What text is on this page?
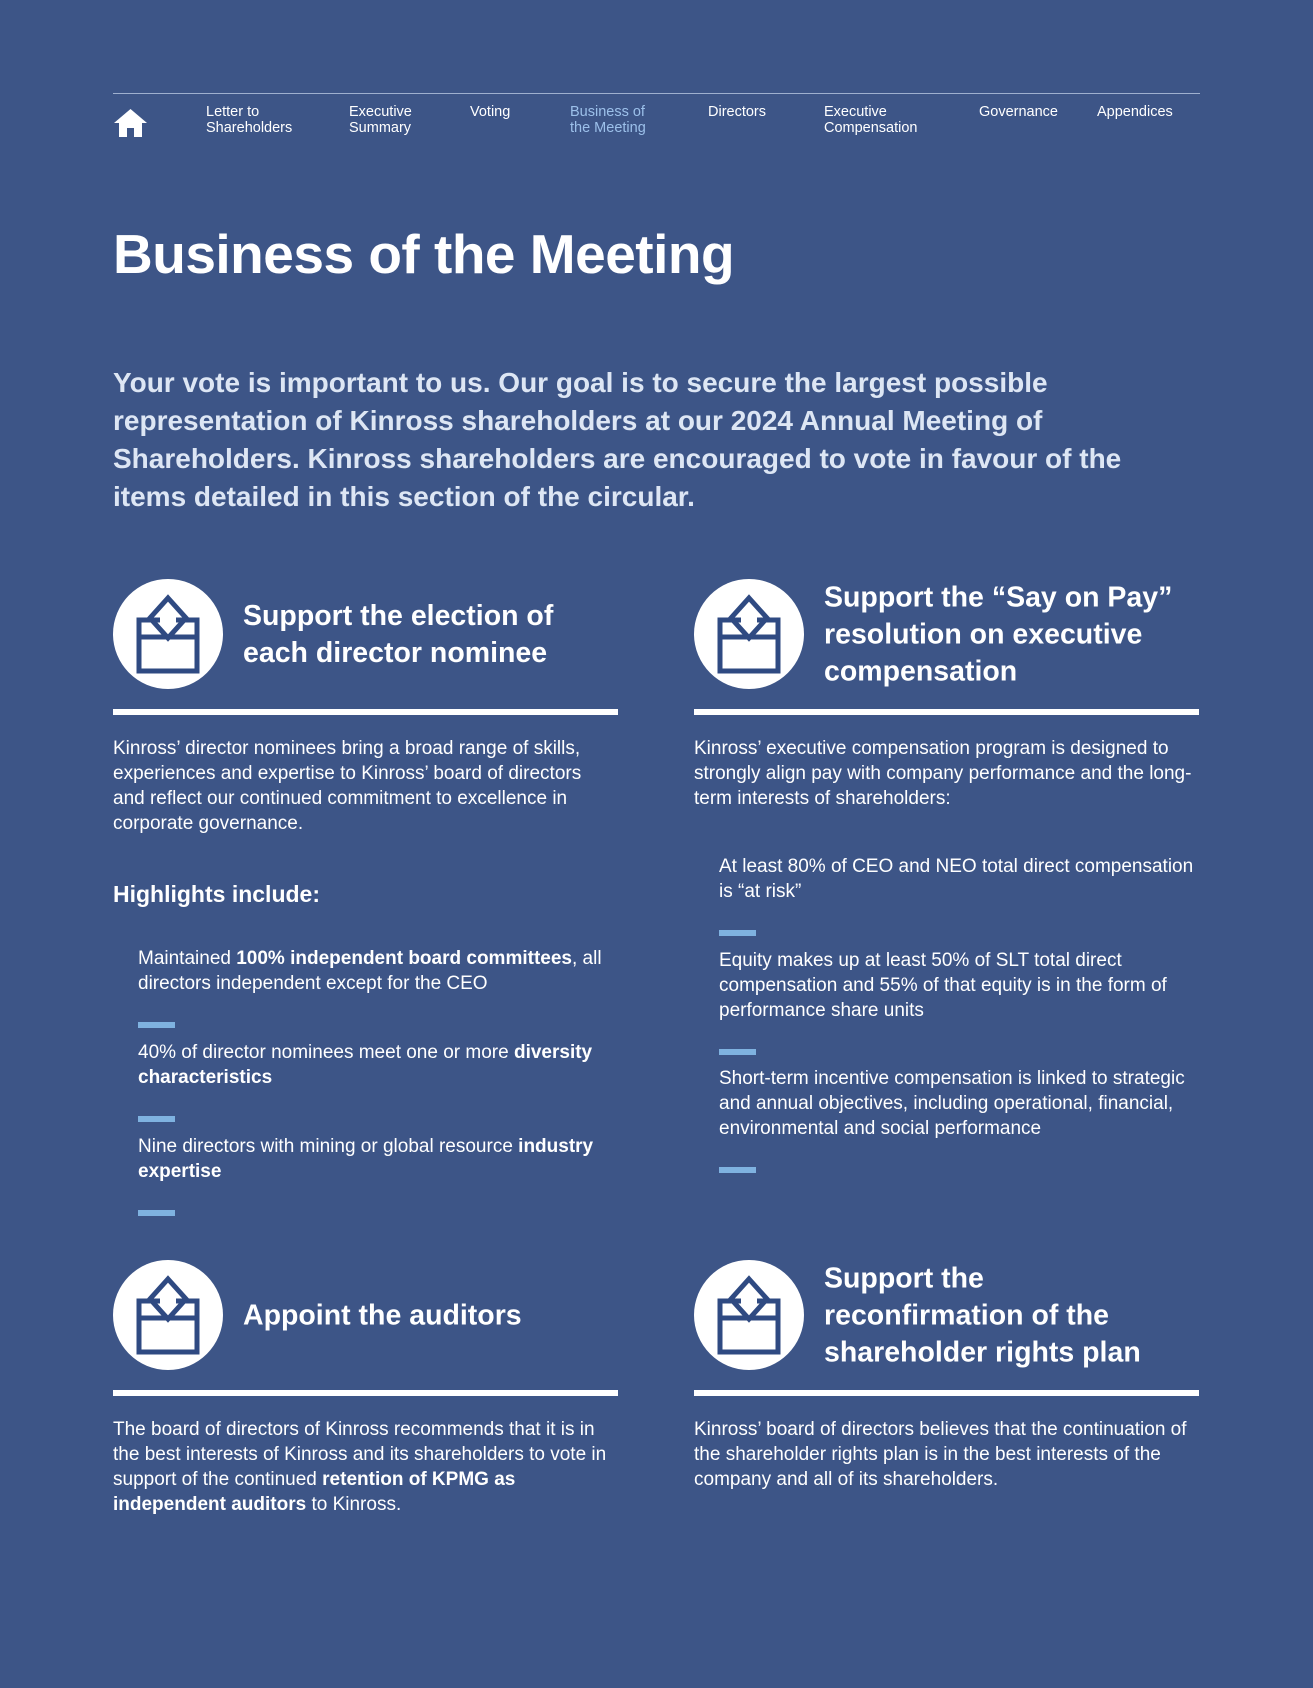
Letter to
Shareholders
Executive
Summary
Voting	Business of
the Meeting
Directors	Executive
Compensation
Governance	Appendices
Business of the Meeting

Your vote is important to us. Our goal is to secure the largest possible representation of Kinross shareholders at our 2024 Annual Meeting of Shareholders. Kinross shareholders are encouraged to vote in favour of the items detailed in this section of the circular.

Support the election of
each director nominee

Kinross’ director nominees bring a broad range of skills, experiences and expertise to Kinross’ board of directors and reflect our continued commitment to excellence in corporate governance.

Highlights include:

Maintained 100% independent board committees, all directors independent except for the CEO

40% of director nominees meet one or more diversity characteristics

Nine directors with mining or global resource industry expertise

Support the “Say on Pay”
resolution on executive
compensation

Kinross’ executive compensation program is designed to strongly align pay with company performance and the long-term interests of shareholders:

At least 80% of CEO and NEO total direct compensation is “at risk”

Equity makes up at least 50% of SLT total direct compensation and 55% of that equity is in the form of performance share units

Short-term incentive compensation is linked to strategic and annual objectives, including operational, financial, environmental and social performance

Appoint the auditors

The board of directors of Kinross recommends that it is in the best interests of Kinross and its shareholders to vote in support of the continued retention of KPMG as independent auditors to Kinross.

Support the
reconfirmation of the
shareholder rights plan

Kinross’ board of directors believes that the continuation of the shareholder rights plan is in the best interests of the company and all of its shareholders.
